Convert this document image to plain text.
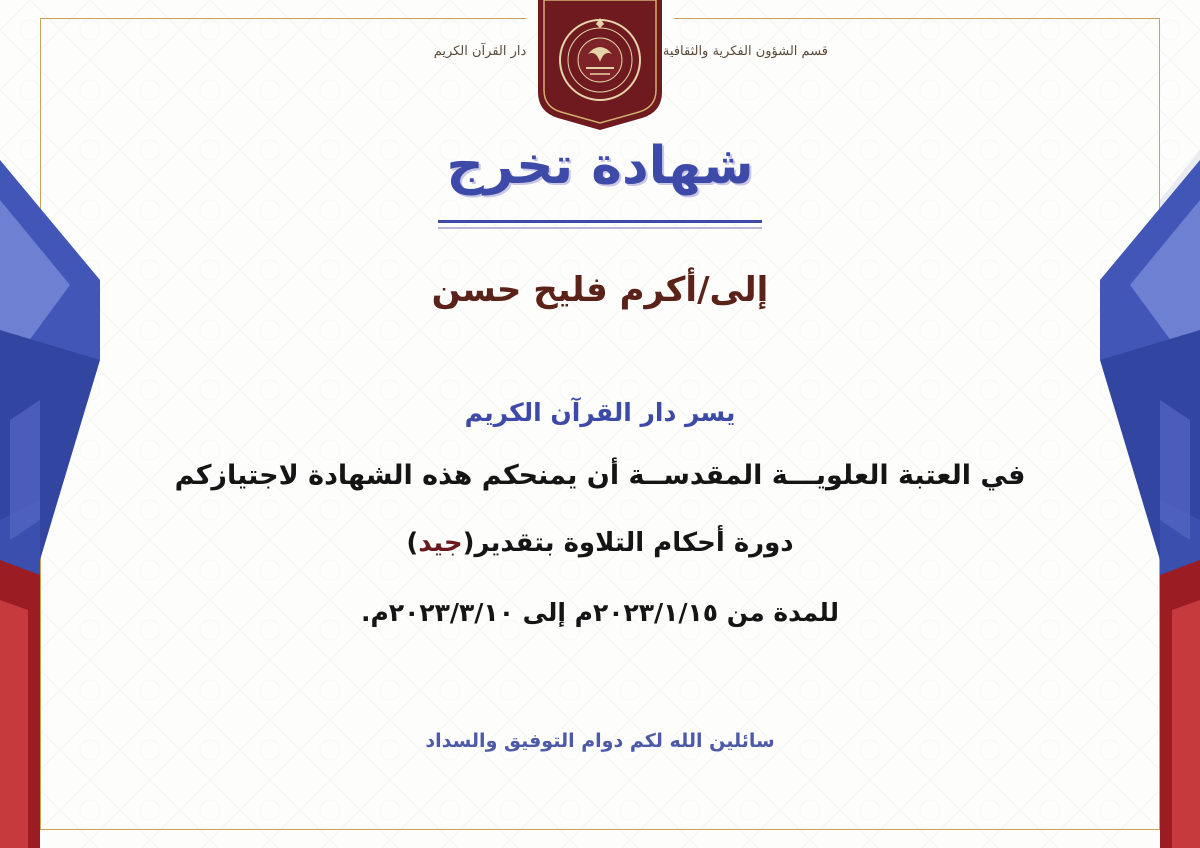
قسم الشؤون الفكرية والثقافية
دار القرآن الكريم
شهادة تخرج
إلى/أكرم فليح حسن
يسر دار القرآن الكريم
في العتبة العلويـــة المقدســة أن يمنحكم هذه الشهادة لاجتيازكم
دورة أحكام التلاوة بتقدير(جيد)
للمدة من ٢٠٢٣/١/١٥م إلى ٢٠٢٣/٣/١٠م.
سائلين الله لكم دوام التوفيق والسداد
